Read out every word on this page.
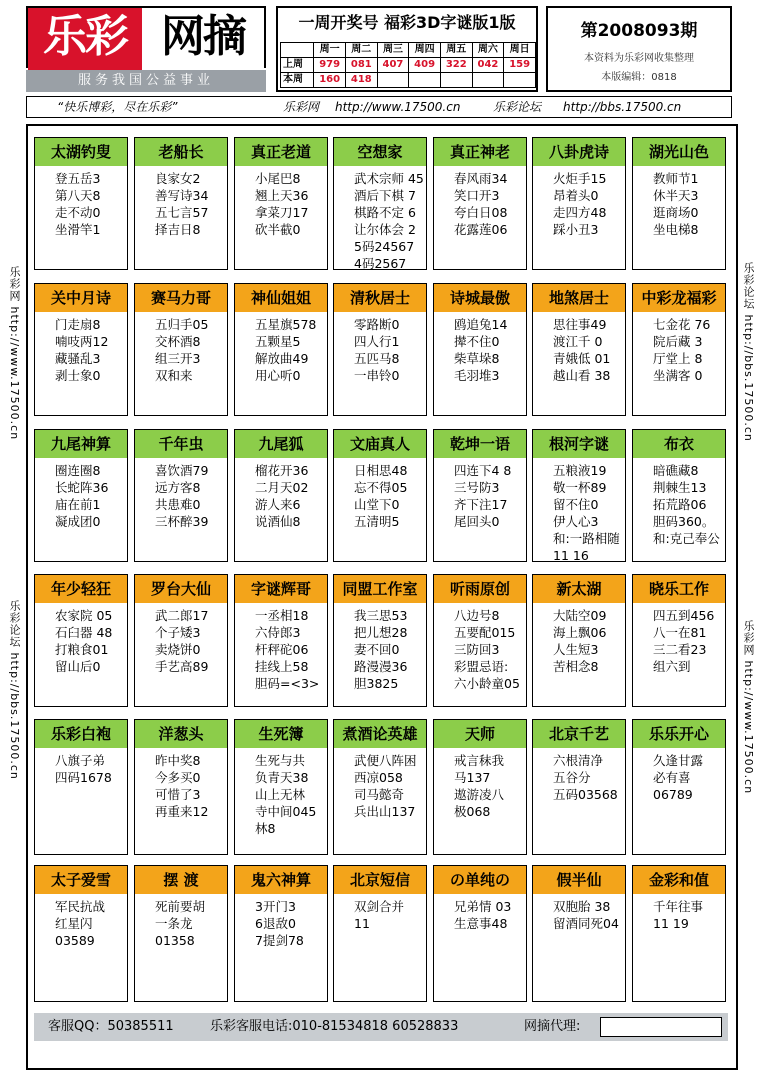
乐彩 网摘
服务我国公益事业
一周开奖号 福彩3D字谜版1版
	周一	周二	周三	周四	周五	周六	周日
上周	979	081	407	409	322	042	159
本周	160	418					
第2008093期
本资料为乐彩网收集整理
本版编辑：0818
“快乐博彩，尽在乐彩”	乐彩网 http://www.17500.cn	乐彩论坛 http://bbs.17500.cn
乐彩网 http://www.17500.cn
乐彩论坛 http://bbs.17500.cn
乐彩论坛 http://bbs.17500.cn
乐彩网 http://www.17500.cn
太湖钓叟
登五岳3
第八天8
走不动0
坐滑竿1
老船长
良家女2
善写诗34
五七言57
择吉日8
真正老道
小尾巴8
翘上天36
拿菜刀17
砍半截0
空想家
武术宗师 45
酒后下棋 7
棋路不定 6
让尔体会 2
5码24567
4码2567
真正神老
春风雨34
笑口开3
夸白日08
花露莲06
八卦虎诗
火炬手15
昂着头0
走四方48
踩小丑3
湖光山色
教师节1
休半天3
逛商场0
坐电梯8
关中月诗
门走扇8
喃吱两12
藏骚乱3
剥士象0
赛马力哥
五归手05
交杯酒8
组三开3
双和来
神仙姐姐
五星旗578
五颗星5
解放曲49
用心听0
清秋居士
零路断0
四人行1
五匹马8
一串铃0
诗城最傲
鸥追兔14
撵不住0
柴草垛8
毛羽堆3
地煞居士
思往事49
渡江千 0
青娥低 01
越山看 38
中彩龙福彩
七金花 76
院后藏 3
厅堂上 8
坐满客 0
九尾神算
圈连圈8
长蛇阵36
庙在前1
凝成团0
千年虫
喜饮酒79
远方客8
共患难0
三杯醉39
九尾狐
榴花开36
二月天02
游人来6
说酒仙8
文庙真人
日相思48
忘不得05
山堂下0
五清明5
乾坤一语
四连下4 8
三号防3
齐下注17
尾回头0
根河字谜
五粮液19
敬一杯89
留不住0
伊人心3
和:一路相随
11 16
布衣
暗礁藏8
荆棘生13
拓荒路06
胆码360。
和:克己奉公
年少轻狂
农家院 05
石臼器 48
打粮食01
留山后0
罗台大仙
武二郎17
个子矮3
卖烧饼0
手艺高89
字谜辉哥
一丞相18
六侍郎3
杆秤砣06
挂线上58
胆码=<3>
同盟工作室
我三思53
把儿想28
妻不回0
路漫漫36
胆3825
听雨原创
八边号8
五要配015
三防回3
彩盟忌语:
六小龄童05
新太湖
大陆空09
海上飘06
人生短3
苦相念8
晓乐工作
四五到456
八一在81
三二看23
组六到
乐彩白袍
八旗子弟
四码1678
洋葱头
昨中奖8
今多买0
可惜了3
再重来12
生死簿
生死与共
负青天38
山上无林
寺中间045
林8
煮酒论英雄
武便八阵困
西凉058
司马懿奇
兵出山137
天师
戒言秣我
马137
遨游凌八
极068
北京千艺
六根清净
五谷分
五码03568
乐乐开心
久逢甘露
必有喜
06789
太子爱雪
军民抗战
红星闪
03589
摆 渡
死前要胡
一条龙
01358
鬼六神算
3开门3
6退敌0
7提剑78
北京短信
双剑合并
11
の单纯の
兄弟情 03
生意事48
假半仙
双胞胎 38
留酒同死04
金彩和值
千年往事
11 19
客服QQ：50385511	乐彩客服电话:010-81534818 60528833	网摘代理:
